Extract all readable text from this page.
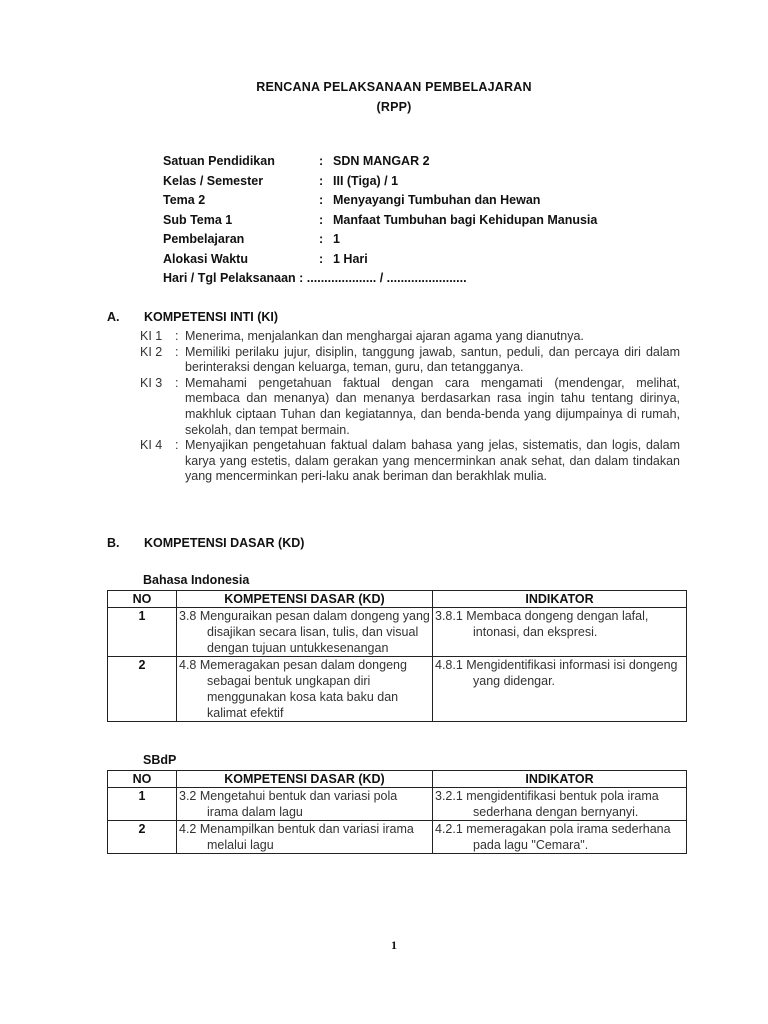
RENCANA PELAKSANAAN PEMBELAJARAN
(RPP)
Satuan Pendidikan	: SDN MANGAR 2
Kelas / Semester	: III (Tiga) / 1
Tema 2	: Menyayangi Tumbuhan dan Hewan
Sub Tema 1	: Manfaat Tumbuhan bagi Kehidupan Manusia
Pembelajaran	: 1
Alokasi Waktu	: 1 Hari
Hari / Tgl Pelaksanaan : .................... / .......................
A. KOMPETENSI INTI (KI)
KI 1	: Menerima, menjalankan dan menghargai ajaran agama yang dianutnya.
KI 2	: Memiliki perilaku jujur, disiplin, tanggung jawab, santun, peduli, dan percaya diri dalam berinteraksi dengan keluarga, teman, guru, dan tetangganya.
KI 3	: Memahami pengetahuan faktual dengan cara mengamati (mendengar, melihat, membaca dan menanya) dan menanya berdasarkan rasa ingin tahu tentang dirinya, makhluk ciptaan Tuhan dan kegiatannya, dan benda-benda yang dijumpainya di rumah, sekolah, dan tempat bermain.
KI 4	: Menyajikan pengetahuan faktual dalam bahasa yang jelas, sistematis, dan logis, dalam karya yang estetis, dalam gerakan yang mencerminkan anak sehat, dan dalam tindakan yang mencerminkan peri-laku anak beriman dan berakhlak mulia.
B. KOMPETENSI DASAR (KD)
Bahasa Indonesia
NO	KOMPETENSI DASAR (KD)	INDIKATOR
1	3.8 Menguraikan pesan dalam dongeng yang disajikan secara lisan, tulis, dan visual dengan tujuan untukkesenangan	3.8.1 Membaca dongeng dengan lafal, intonasi, dan ekspresi.

2	4.8 Memeragakan pesan dalam dongeng sebagai bentuk ungkapan diri menggunakan kosa kata baku dan kalimat efektif	4.8.1 Mengidentifikasi informasi isi dongeng yang didengar.
SBdP
NO	KOMPETENSI DASAR (KD)	INDIKATOR
1	3.2 Mengetahui bentuk dan variasi pola irama dalam lagu	3.2.1 mengidentifikasi bentuk pola irama sederhana dengan bernyanyi.

2	4.2 Menampilkan bentuk dan variasi irama melalui lagu	4.2.1 memeragakan pola irama sederhana pada lagu "Cemara".
1
